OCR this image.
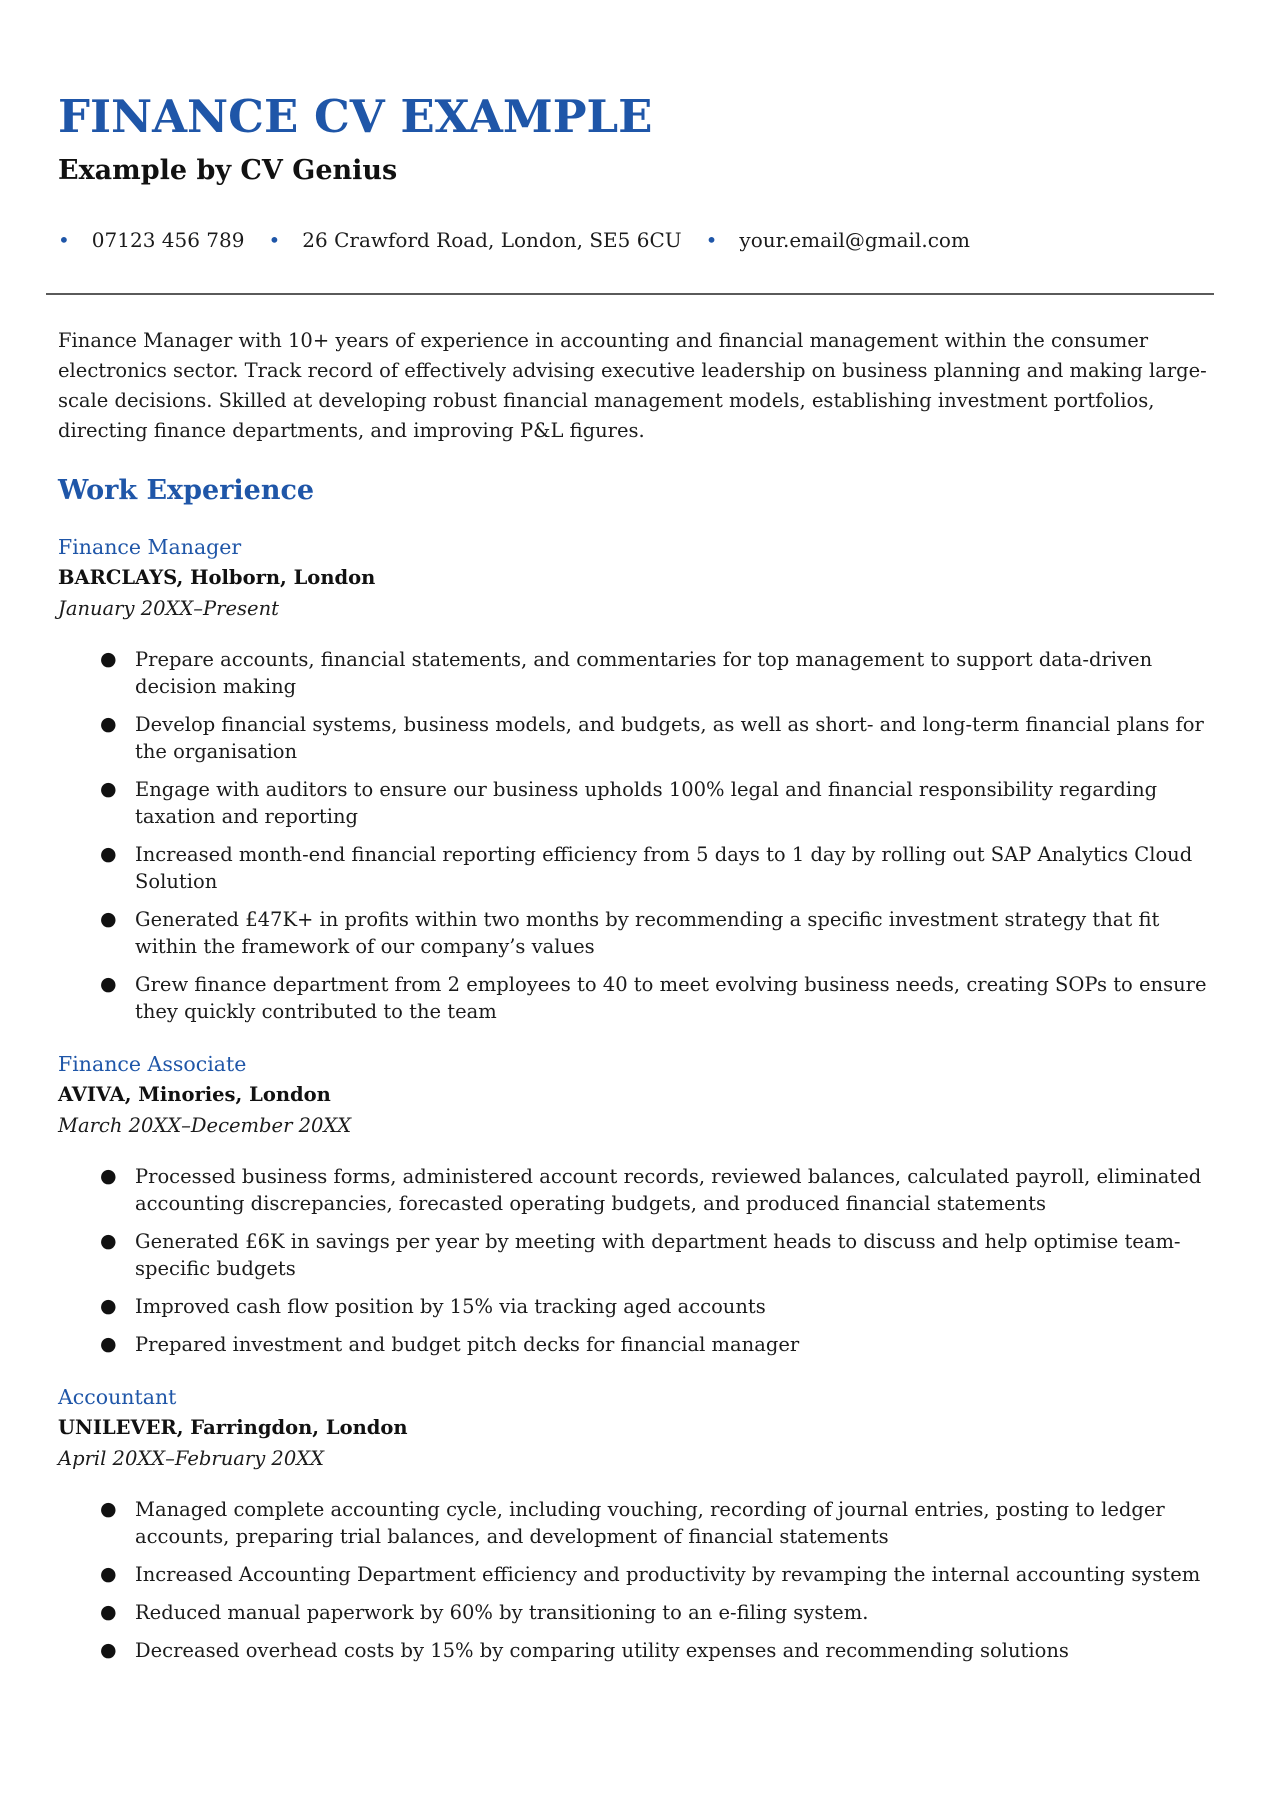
FINANCE CV EXAMPLE
Example by CV Genius
• 07123 456 789 • 26 Crawford Road, London, SE5 6CU • your.email@gmail.com

Finance Manager with 10+ years of experience in accounting and financial management within the consumer electronics sector. Track record of effectively advising executive leadership on business planning and making large-scale decisions. Skilled at developing robust financial management models, establishing investment portfolios, directing finance departments, and improving P&L figures.

Work Experience
Finance Manager
BARCLAYS, Holborn, London
January 20XX–Present
● Prepare accounts, financial statements, and commentaries for top management to support data-driven decision making
● Develop financial systems, business models, and budgets, as well as short- and long-term financial plans for the organisation
● Engage with auditors to ensure our business upholds 100% legal and financial responsibility regarding taxation and reporting
● Increased month-end financial reporting efficiency from 5 days to 1 day by rolling out SAP Analytics Cloud Solution
● Generated £47K+ in profits within two months by recommending a specific investment strategy that fit within the framework of our company’s values
● Grew finance department from 2 employees to 40 to meet evolving business needs, creating SOPs to ensure they quickly contributed to the team
Finance Associate
AVIVA, Minories, London
March 20XX–December 20XX
● Processed business forms, administered account records, reviewed balances, calculated payroll, eliminated accounting discrepancies, forecasted operating budgets, and produced financial statements
● Generated £6K in savings per year by meeting with department heads to discuss and help optimise team-specific budgets
● Improved cash flow position by 15% via tracking aged accounts
● Prepared investment and budget pitch decks for financial manager
Accountant
UNILEVER, Farringdon, London
April 20XX–February 20XX
● Managed complete accounting cycle, including vouching, recording of journal entries, posting to ledger accounts, preparing trial balances, and development of financial statements
● Increased Accounting Department efficiency and productivity by revamping the internal accounting system
● Reduced manual paperwork by 60% by transitioning to an e-filing system.
● Decreased overhead costs by 15% by comparing utility expenses and recommending solutions
